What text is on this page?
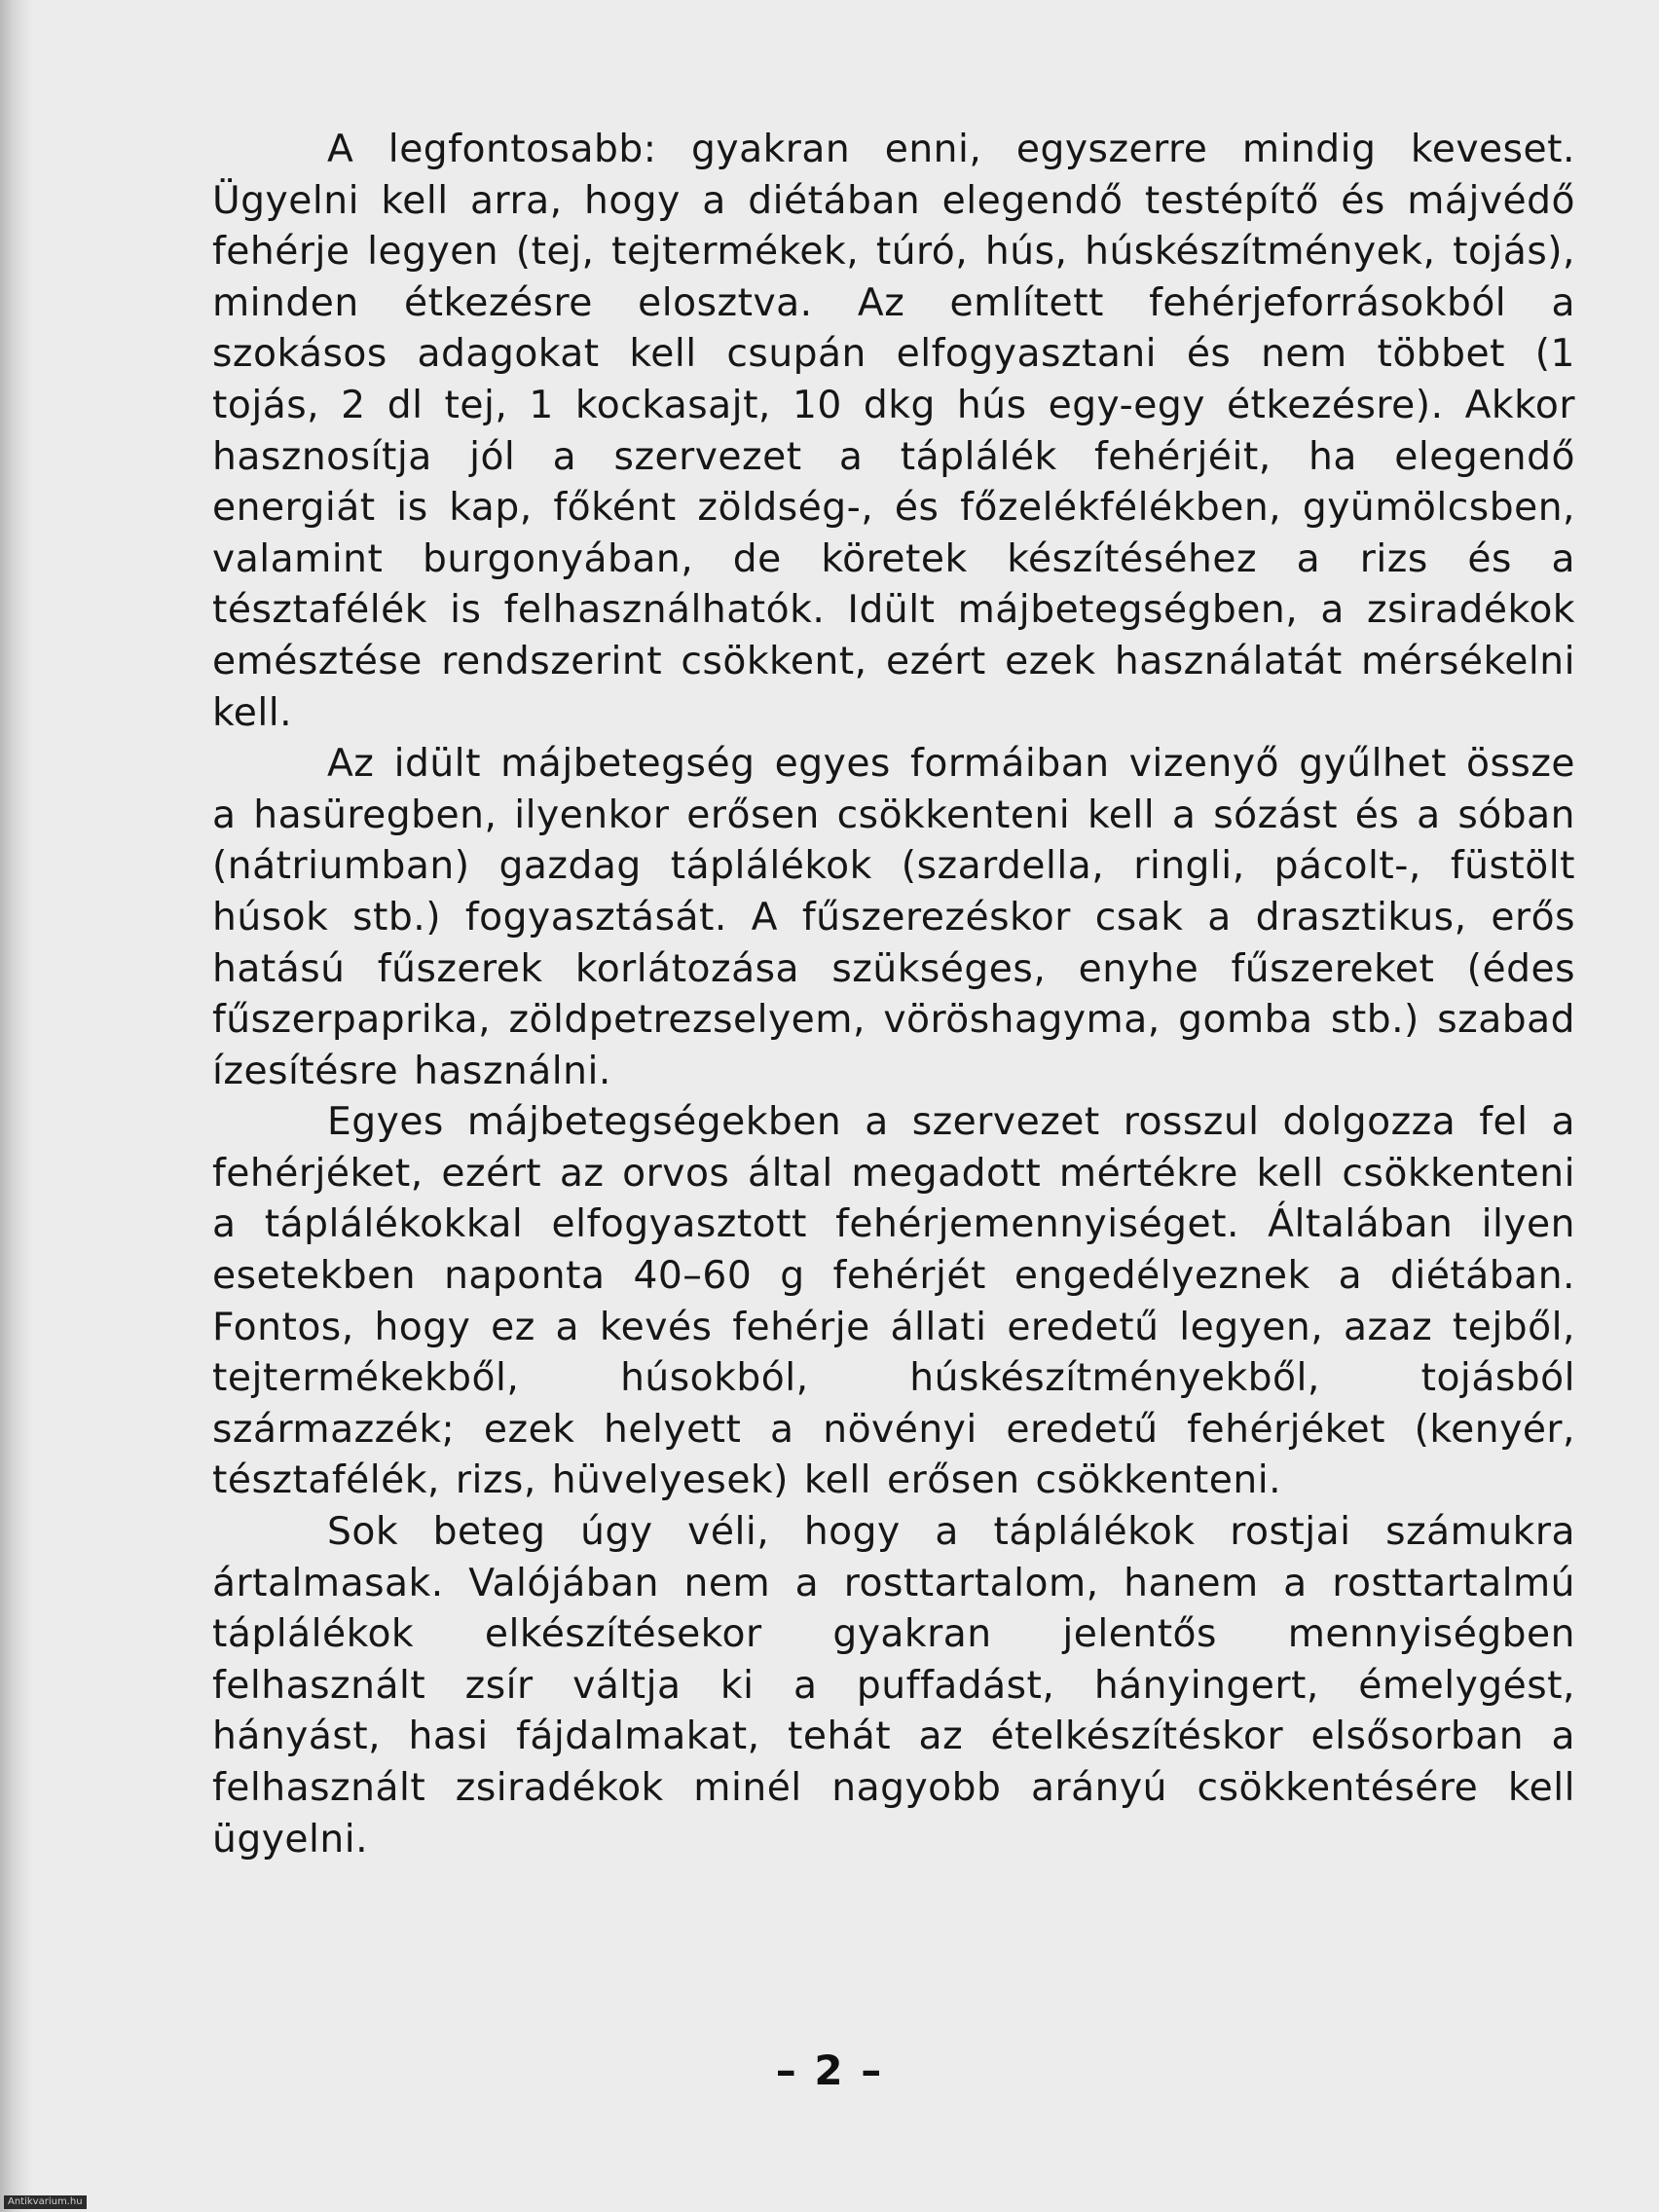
A legfontosabb: gyakran enni, egyszerre mindig keveset. Ügyelni kell arra, hogy a diétában elegendő testépítő és májvédő fehérje legyen (tej, tejtermékek, túró, hús, húskészítmények, tojás), minden étkezésre elosztva. Az említett fehérjeforrásokból a szokásos adagokat kell csupán elfogyasztani és nem többet (1 tojás, 2 dl tej, 1 kockasajt, 10 dkg hús egy-egy étkezésre). Akkor hasznosítja jól a szervezet a táplálék fehérjéit, ha elegendő energiát is kap, főként zöldség-, és főzelékfélékben, gyümölcsben, valamint burgonyában, de köretek készítéséhez a rizs és a tésztafélék is felhasználhatók. Idült májbetegségben, a zsiradékok emésztése rendszerint csökkent, ezért ezek használatát mérsékelni kell.

Az idült májbetegség egyes formáiban vizenyő gyűlhet össze a hasüregben, ilyenkor erősen csökkenteni kell a sózást és a sóban (nátriumban) gazdag táplálékok (szardella, ringli, pácolt-, füstölt húsok stb.) fogyasztását. A fűszerezéskor csak a drasztikus, erős hatású fűszerek korlátozása szükséges, enyhe fűszereket (édes fűszerpaprika, zöldpetrezselyem, vöröshagyma, gomba stb.) szabad ízesítésre használni.

Egyes májbetegségekben a szervezet rosszul dolgozza fel a fehérjéket, ezért az orvos által megadott mértékre kell csökkenteni a táplálékokkal elfogyasztott fehérjemennyiséget. Általában ilyen esetekben naponta 40–60 g fehérjét engedélyeznek a diétában. Fontos, hogy ez a kevés fehérje állati eredetű legyen, azaz tejből, tejtermékekből, húsokból, húskészítményekből, tojásból származzék; ezek helyett a növényi eredetű fehérjéket (kenyér, tésztafélék, rizs, hüvelyesek) kell erősen csökkenteni.

Sok beteg úgy véli, hogy a táplálékok rostjai számukra ártalmasak. Valójában nem a rosttartalom, hanem a rosttartalmú táplálékok elkészítésekor gyakran jelentős mennyiségben felhasznált zsír váltja ki a puffadást, hányingert, émelygést, hányást, hasi fájdalmakat, tehát az ételkészítéskor elsősorban a felhasznált zsiradékok minél nagyobb arányú csökkentésére kell ügyelni.

– 2 –
Antikvarium.hu
